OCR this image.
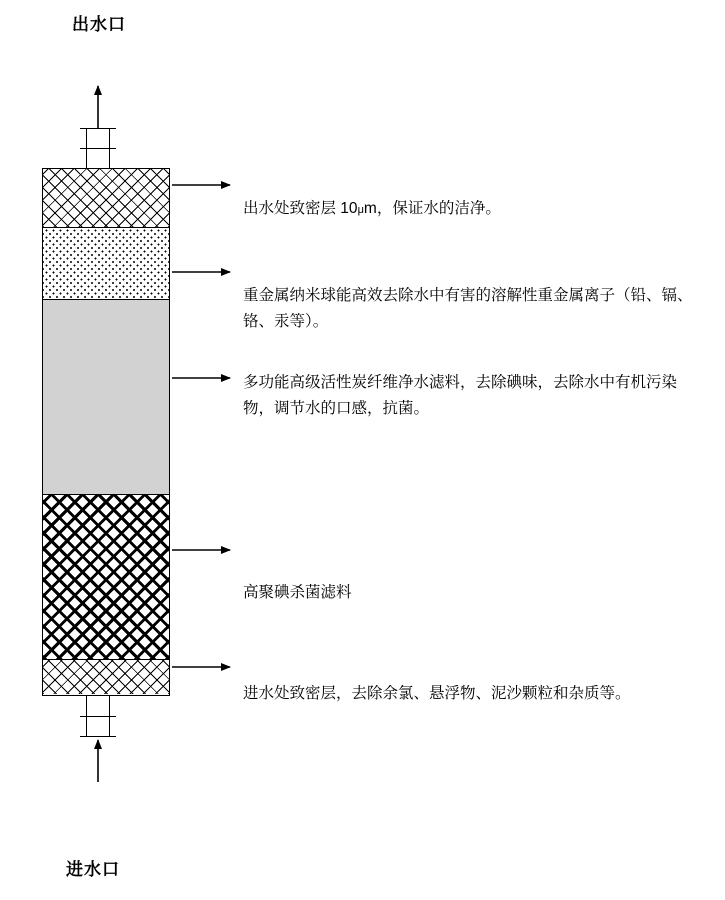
出水口
进水口
出水处致密层 10μm，保证水的洁净。
重金属纳米球能高效去除水中有害的溶解性重金属离子（铅、镉、铬、汞等）。
多功能高级活性炭纤维净水滤料，去除碘味，去除水中有机污染物，调节水的口感，抗菌。
高聚碘杀菌滤料
进水处致密层，去除余氯、悬浮物、泥沙颗粒和杂质等。
